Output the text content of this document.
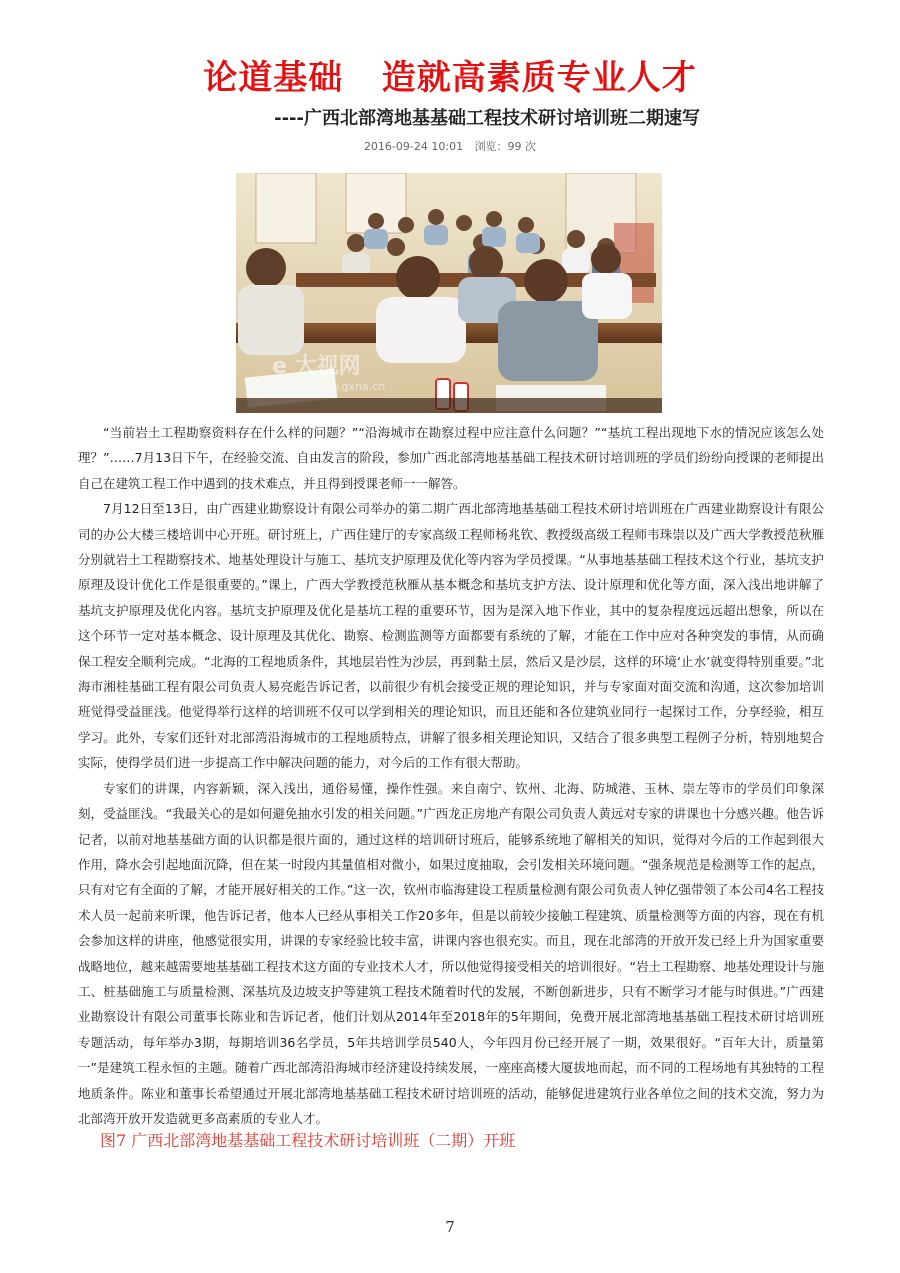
论道基础   造就高素质专业人才
----广西北部湾地基基础工程技术研讨培训班二期速写
2016-09-24 10:01 浏览：99 次
e 大视网
www.gxna.cn

“当前岩土工程勘察资料存在什么样的问题？”“沿海城市在勘察过程中应注意什么问题？”“基坑工程出现地下水的情况应该怎么处理？”……7月13日下午，在经验交流、自由发言的阶段，参加广西北部湾地基基础工程技术研讨培训班的学员们纷纷向授课的老师提出自己在建筑工程工作中遇到的技术难点，并且得到授课老师一一解答。

7月12日至13日，由广西建业勘察设计有限公司举办的第二期广西北部湾地基基础工程技术研讨培训班在广西建业勘察设计有限公司的办公大楼三楼培训中心开班。研讨班上，广西住建厅的专家高级工程师杨兆钦、教授级高级工程师韦珠崇以及广西大学教授范秋雁分别就岩土工程勘察技术、地基处理设计与施工、基坑支护原理及优化等内容为学员授课。“从事地基基础工程技术这个行业，基坑支护原理及设计优化工作是很重要的。”课上，广西大学教授范秋雁从基本概念和基坑支护方法、设计原理和优化等方面，深入浅出地讲解了基坑支护原理及优化内容。基坑支护原理及优化是基坑工程的重要环节，因为是深入地下作业，其中的复杂程度远远超出想象，所以在这个环节一定对基本概念、设计原理及其优化、勘察、检测监测等方面都要有系统的了解，才能在工作中应对各种突发的事情，从而确保工程安全顺利完成。“北海的工程地质条件，其地层岩性为沙层，再到黏土层，然后又是沙层，这样的环境‘止水’就变得特别重要。”北海市湘桂基础工程有限公司负责人易亮彪告诉记者，以前很少有机会接受正规的理论知识，并与专家面对面交流和沟通，这次参加培训班觉得受益匪浅。他觉得举行这样的培训班不仅可以学到相关的理论知识，而且还能和各位建筑业同行一起探讨工作，分享经验，相互学习。此外，专家们还针对北部湾沿海城市的工程地质特点，讲解了很多相关理论知识，又结合了很多典型工程例子分析，特别地契合实际，使得学员们进一步提高工作中解决问题的能力，对今后的工作有很大帮助。

专家们的讲课，内容新颖，深入浅出，通俗易懂，操作性强。来自南宁、钦州、北海、防城港、玉林、崇左等市的学员们印象深刻，受益匪浅。“我最关心的是如何避免抽水引发的相关问题。”广西龙正房地产有限公司负责人黄远对专家的讲课也十分感兴趣。他告诉记者，以前对地基基础方面的认识都是很片面的，通过这样的培训研讨班后，能够系统地了解相关的知识，觉得对今后的工作起到很大作用，降水会引起地面沉降，但在某一时段内其量值相对微小，如果过度抽取，会引发相关环境问题。“强条规范是检测等工作的起点，只有对它有全面的了解，才能开展好相关的工作。”这一次，钦州市临海建设工程质量检测有限公司负责人钟亿强带领了本公司4名工程技术人员一起前来听课，他告诉记者，他本人已经从事相关工作20多年，但是以前较少接触工程建筑、质量检测等方面的内容，现在有机会参加这样的讲座，他感觉很实用，讲课的专家经验比较丰富，讲课内容也很充实。而且，现在北部湾的开放开发已经上升为国家重要战略地位，越来越需要地基基础工程技术这方面的专业技术人才，所以他觉得接受相关的培训很好。“岩土工程勘察、地基处理设计与施工、桩基础施工与质量检测、深基坑及边坡支护等建筑工程技术随着时代的发展，不断创新进步，只有不断学习才能与时俱进。”广西建业勘察设计有限公司董事长陈业和告诉记者，他们计划从2014年至2018年的5年期间，免费开展北部湾地基基础工程技术研讨培训班专题活动，每年举办3期，每期培训36名学员，5年共培训学员540人，今年四月份已经开展了一期，效果很好。“百年大计，质量第一”是建筑工程永恒的主题。随着广西北部湾沿海城市经济建设持续发展，一座座高楼大厦拔地而起，而不同的工程场地有其独特的工程地质条件。陈业和董事长希望通过开展北部湾地基基础工程技术研讨培训班的活动，能够促进建筑行业各单位之间的技术交流，努力为北部湾开放开发造就更多高素质的专业人才。

图7 广西北部湾地基基础工程技术研讨培训班（二期）开班
7
